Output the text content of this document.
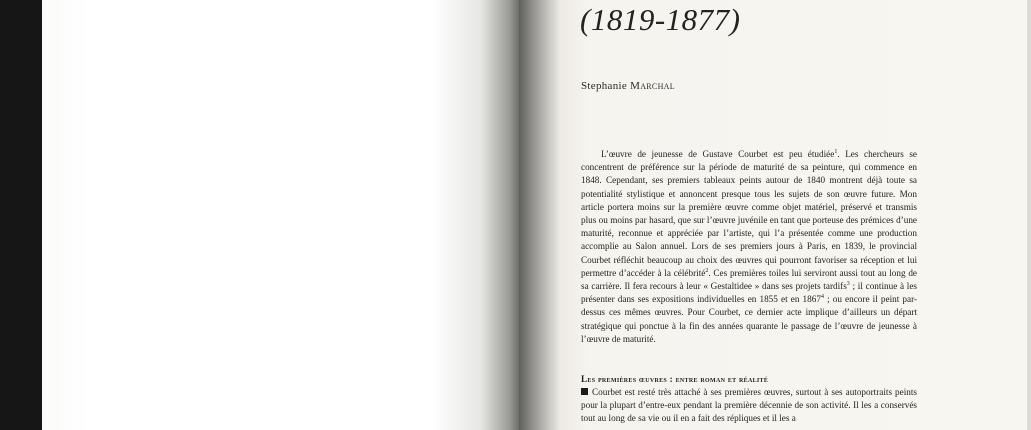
(1819-1877)

Stephanie Marchal

L’œuvre de jeunesse de Gustave Courbet est peu étudiée$^1$. Les chercheurs se concentrent de préférence sur la période de maturité de sa peinture, qui commence en 1848. Cependant, ses premiers tableaux peints autour de 1840 montrent déjà toute sa potentialité stylistique et annoncent presque tous les sujets de son œuvre future. Mon article portera moins sur la première œuvre comme objet matériel, préservé et transmis plus ou moins par hasard, que sur l’œuvre juvénile en tant que porteuse des prémices d’une maturité, reconnue et appréciée par l’artiste, qui l’a présentée comme une production accomplie au Salon annuel. Lors de ses premiers jours à Paris, en 1839, le provincial Courbet réfléchit beaucoup au choix des œuvres qui pourront favoriser sa réception et lui permettre d’accéder à la célébrité$^2$. Ces premières toiles lui serviront aussi tout au long de sa carrière. Il fera recours à leur « Gestaltidee » dans ses projets tardifs$^3$ ; il continue à les présenter dans ses expositions individuelles en 1855 et en 1867$^4$ ; ou encore il peint par-dessus ces mêmes œuvres. Pour Courbet, ce dernier acte implique d’ailleurs un départ stratégique qui ponctue à la fin des années quarante le passage de l’œuvre de jeunesse à l’œuvre de maturité.

Les premières œuvres : entre roman et réalité

Courbet est resté très attaché à ses premières œuvres, surtout à ses autoportraits peints pour la plupart d’entre-eux pendant la première décennie de son activité. Il les a conservés tout au long de sa vie ou il en a fait des répliques et il les a
